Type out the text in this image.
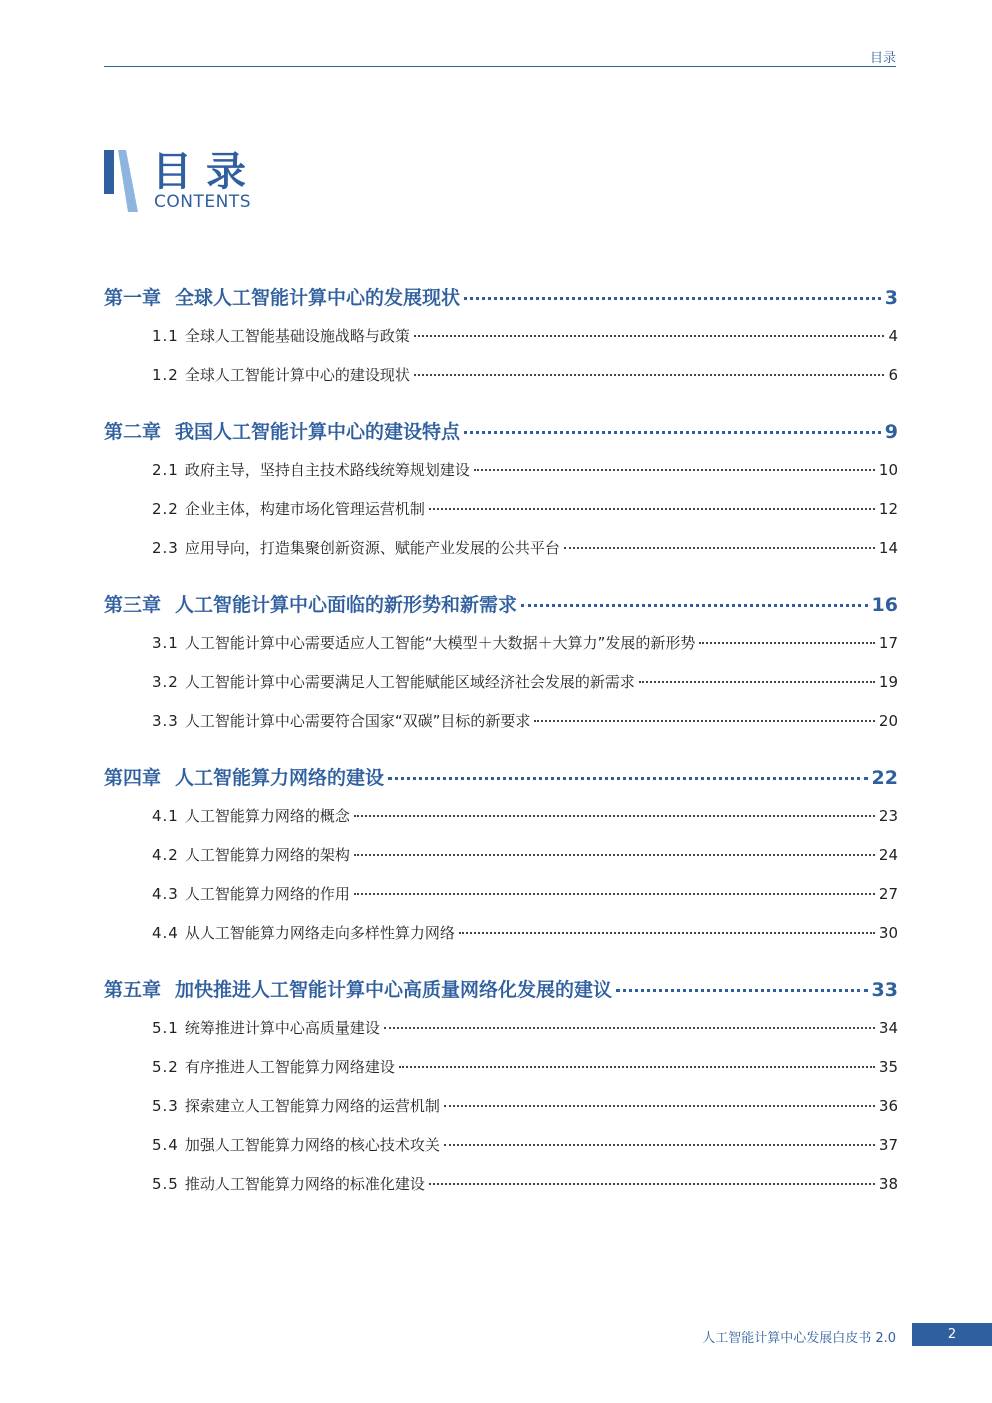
目录
目录
CONTENTS
第一章 全球人工智能计算中心的发展现状	3
1.1 全球人工智能基础设施战略与政策	4
1.2 全球人工智能计算中心的建设现状	6
第二章 我国人工智能计算中心的建设特点	9
2.1 政府主导，坚持自主技术路线统筹规划建设	10
2.2 企业主体，构建市场化管理运营机制	12
2.3 应用导向，打造集聚创新资源、赋能产业发展的公共平台	14
第三章 人工智能计算中心面临的新形势和新需求	16
3.1 人工智能计算中心需要适应人工智能“大模型＋大数据＋大算力”发展的新形势	17
3.2 人工智能计算中心需要满足人工智能赋能区域经济社会发展的新需求	19
3.3 人工智能计算中心需要符合国家“双碳”目标的新要求	20
第四章 人工智能算力网络的建设	22
4.1 人工智能算力网络的概念	23
4.2 人工智能算力网络的架构	24
4.3 人工智能算力网络的作用	27
4.4 从人工智能算力网络走向多样性算力网络	30
第五章 加快推进人工智能计算中心高质量网络化发展的建议	33
5.1 统筹推进计算中心高质量建设	34
5.2 有序推进人工智能算力网络建设	35
5.3 探索建立人工智能算力网络的运营机制	36
5.4 加强人工智能算力网络的核心技术攻关	37
5.5 推动人工智能算力网络的标准化建设	38
人工智能计算中心发展白皮书 2.0	2
